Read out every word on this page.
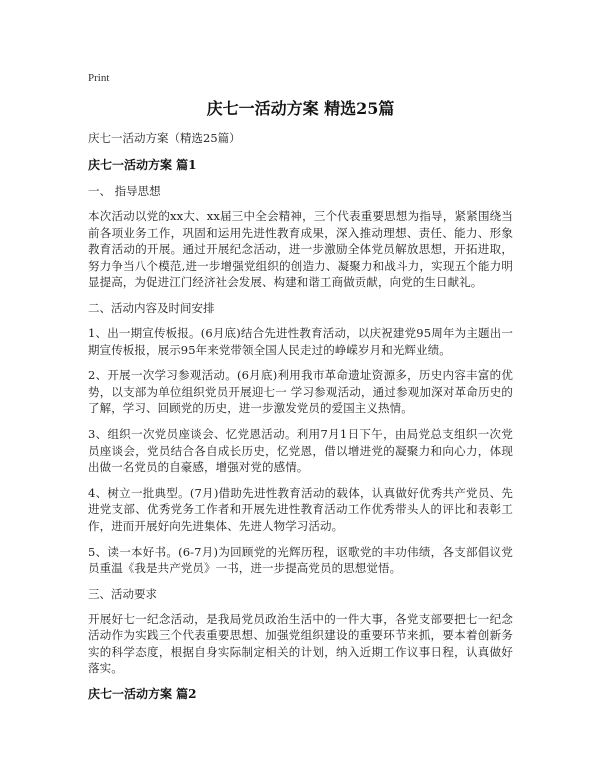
Print
庆七一活动方案 精选25篇

庆七一活动方案（精选25篇）

庆七一活动方案 篇1

一、 指导思想

本次活动以党的xx大、xx届三中全会精神，三个代表重要思想为指导，紧紧围绕当前各项业务工作，巩固和运用先进性教育成果，深入推动理想、责任、能力、形象教育活动的开展。通过开展纪念活动，进一步激励全体党员解放思想，开拓进取，努力争当八个模范,进一步增强党组织的创造力、凝聚力和战斗力，实现五个能力明显提高，为促进江门经济社会发展、构建和谐工商做贡献，向党的生日献礼。

二、活动内容及时间安排

1、出一期宣传板报。(6月底)结合先进性教育活动，以庆祝建党95周年为主题出一期宣传板报，展示95年来党带领全国人民走过的峥嵘岁月和光辉业绩。

2、开展一次学习参观活动。(6月底)利用我市革命遗址资源多，历史内容丰富的优势，以支部为单位组织党员开展迎七一 学习参观活动，通过参观加深对革命历史的了解，学习、回顾党的历史，进一步激发党员的爱国主义热情。

3、组织一次党员座谈会、忆党恩活动。利用7月1日下午，由局党总支组织一次党员座谈会，党员结合各自成长历史，忆党恩，借以增进党的凝聚力和向心力，体现出做一名党员的自豪感，增强对党的感情。

4、树立一批典型。(7月)借助先进性教育活动的载体，认真做好优秀共产党员、先进党支部、优秀党务工作者和开展先进性教育活动工作优秀带头人的评比和表彰工作，进而开展好向先进集体、先进人物学习活动。

5、读一本好书。(6-7月)为回顾党的光辉历程，讴歌党的丰功伟绩，各支部倡议党员重温《我是共产党员》一书，进一步提高党员的思想觉悟。

三、活动要求

开展好七一纪念活动，是我局党员政治生活中的一件大事，各党支部要把七一纪念活动作为实践三个代表重要思想、加强党组织建设的重要环节来抓，要本着创新务实的科学态度，根据自身实际制定相关的计划，纳入近期工作议事日程，认真做好落实。

庆七一活动方案 篇2
